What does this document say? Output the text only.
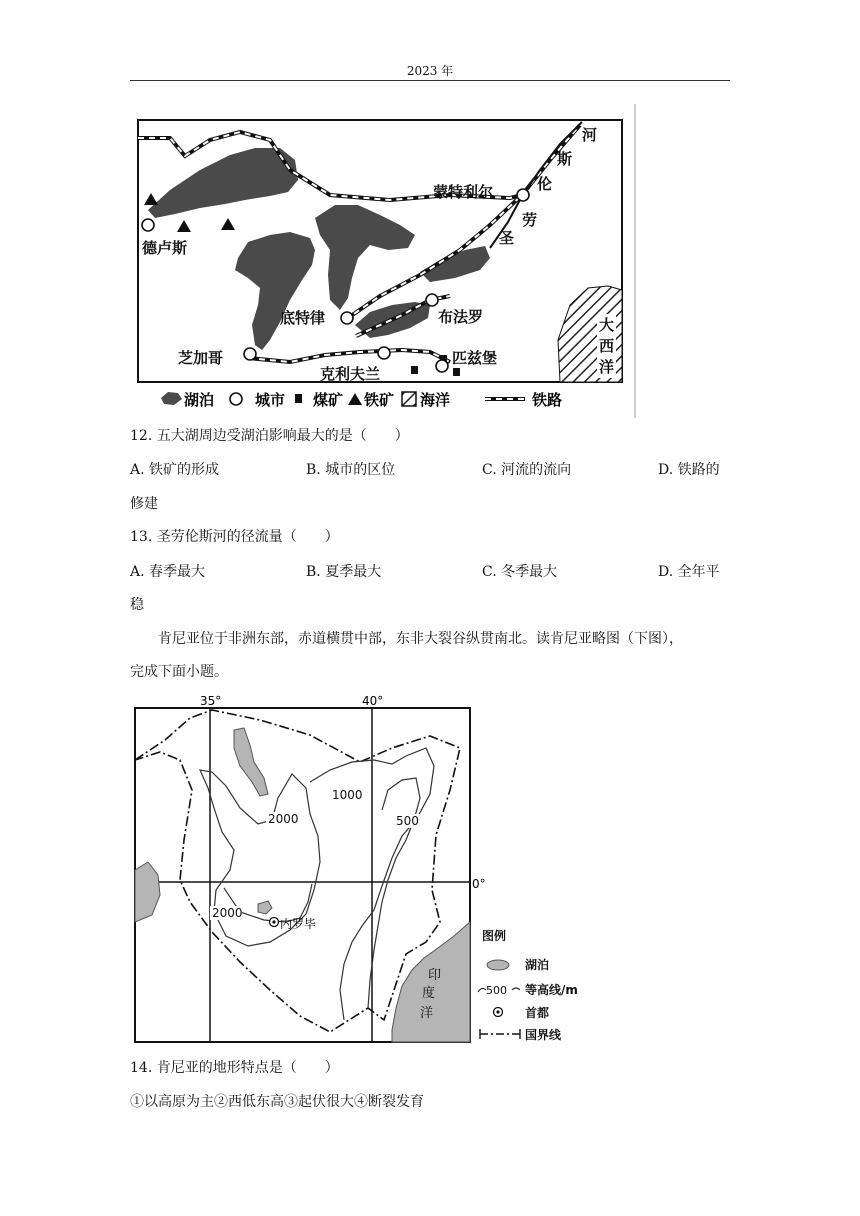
2023 年
德卢斯
蒙特利尔
底特律	布法罗
芝加哥
克利夫兰
匹兹堡
河
斯
伦
劳
圣
大
西
洋
湖泊	城市 煤矿 铁矿 海洋	铁路
12. 五大湖周边受湖泊影响最大的是（　　）
A. 铁矿的形成	B. 城市的区位	C. 河流的流向	D. 铁路的
修建
13. 圣劳伦斯河的径流量（　　）
A. 春季最大	B. 夏季最大	C. 冬季最大	D. 全年平
稳
肯尼亚位于非洲东部，赤道横贯中部，东非大裂谷纵贯南北。读肯尼亚略图（下图），
完成下面小题。
35°	40°
0°
2000
1000
500
2000
内罗毕
印
度
洋
图例
湖泊
500 等高线/m
首都
国界线
14. 肯尼亚的地形特点是（　　）
①以高原为主②西低东高③起伏很大④断裂发育
